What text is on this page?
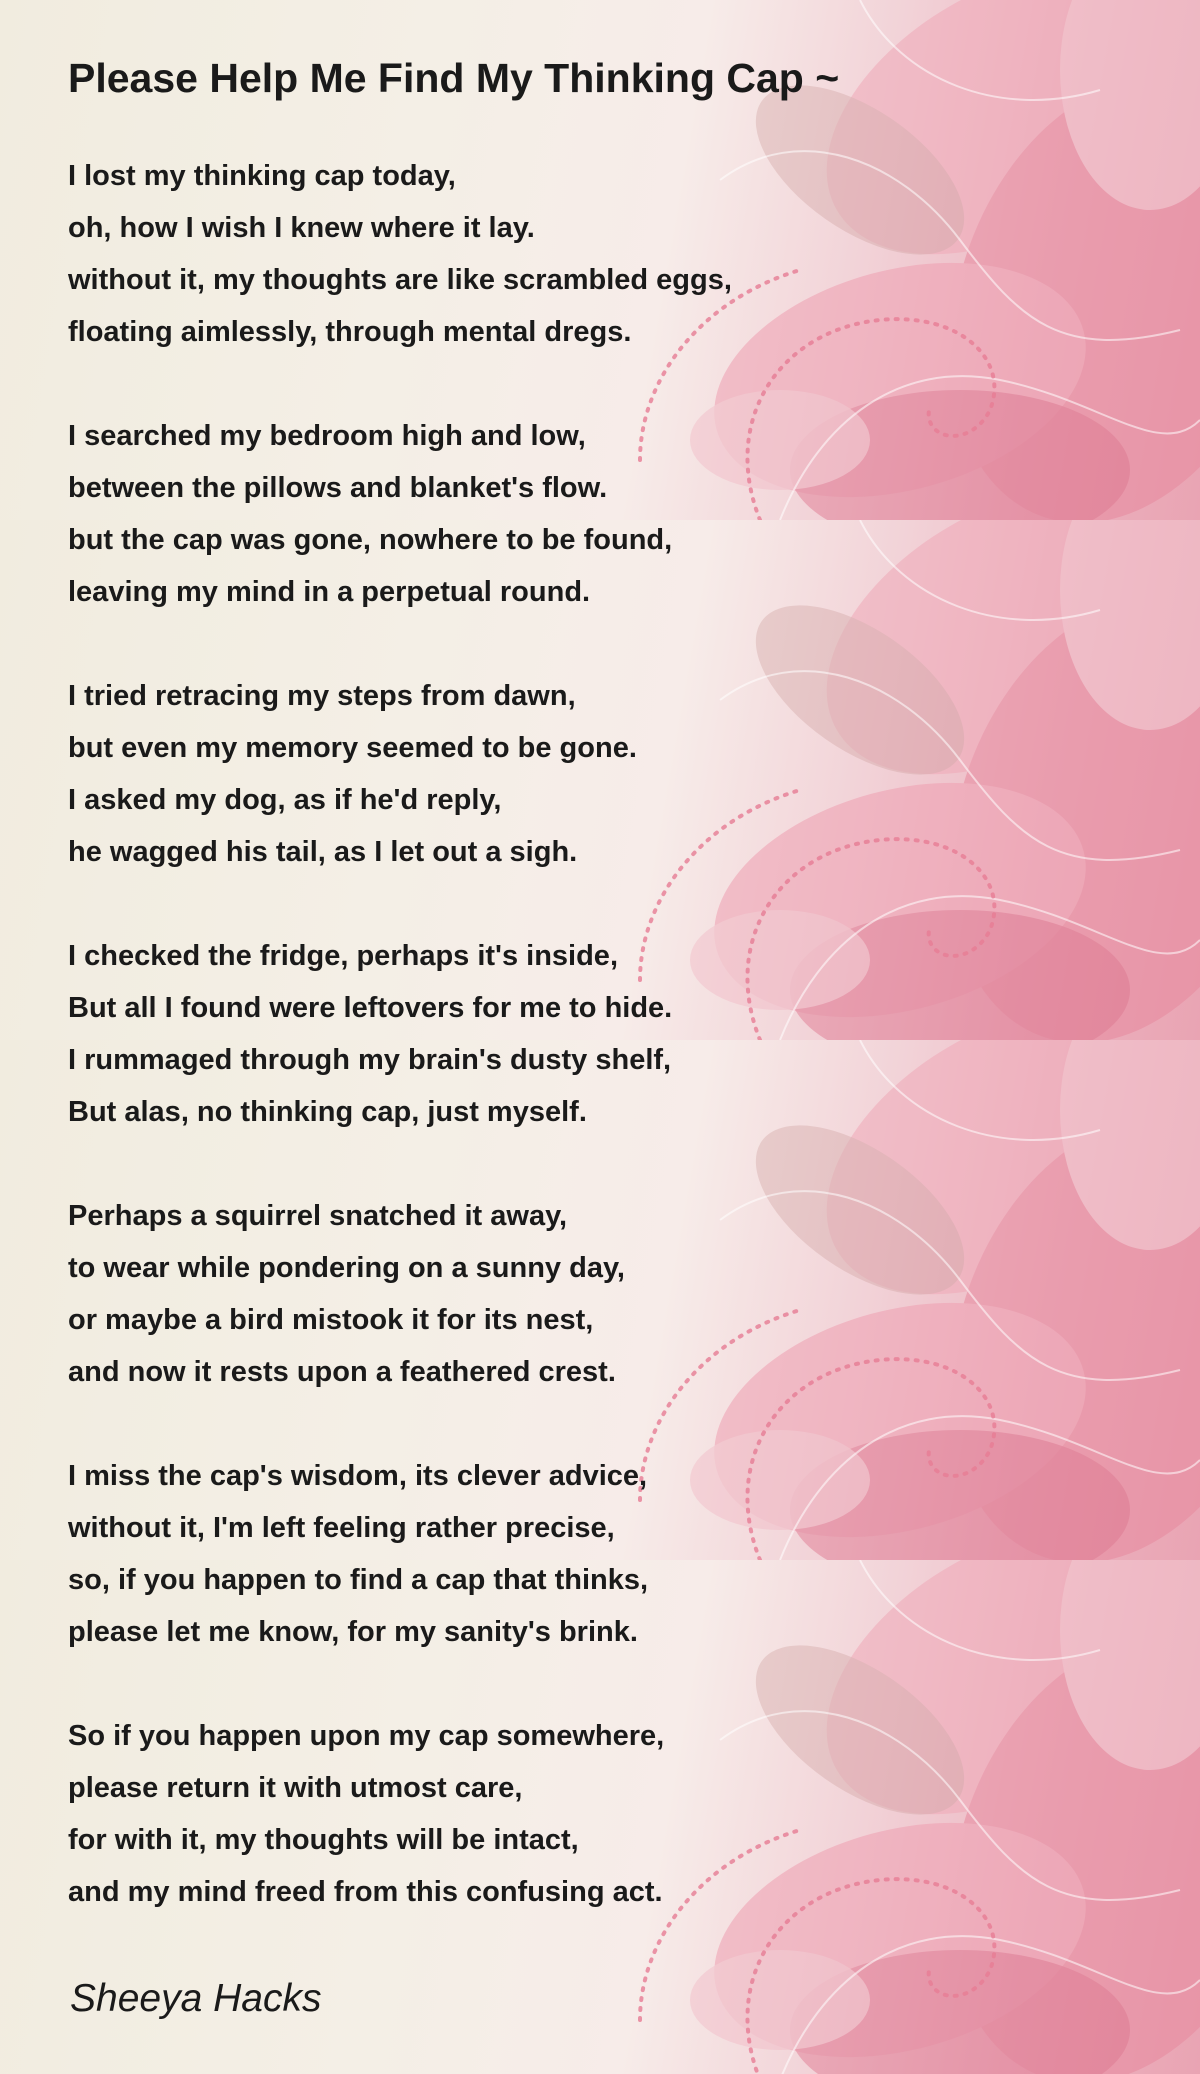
Please Help Me Find My Thinking Cap ~
I lost my thinking cap today,
oh, how I wish I knew where it lay.
without it, my thoughts are like scrambled eggs,
floating aimlessly, through mental dregs.
I searched my bedroom high and low,
between the pillows and blanket's flow.
but the cap was gone, nowhere to be found,
leaving my mind in a perpetual round.
I tried retracing my steps from dawn,
but even my memory seemed to be gone.
I asked my dog, as if he'd reply,
he wagged his tail, as I let out a sigh.
I checked the fridge, perhaps it's inside,
But all I found were leftovers for me to hide.
I rummaged through my brain's dusty shelf,
But alas, no thinking cap, just myself.
Perhaps a squirrel snatched it away,
to wear while pondering on a sunny day,
or maybe a bird mistook it for its nest,
and now it rests upon a feathered crest.
I miss the cap's wisdom, its clever advice,
without it, I'm left feeling rather precise,
so, if you happen to find a cap that thinks,
please let me know, for my sanity's brink.
So if you happen upon my cap somewhere,
please return it with utmost care,
for with it, my thoughts will be intact,
and my mind freed from this confusing act.

Sheeya Hacks
